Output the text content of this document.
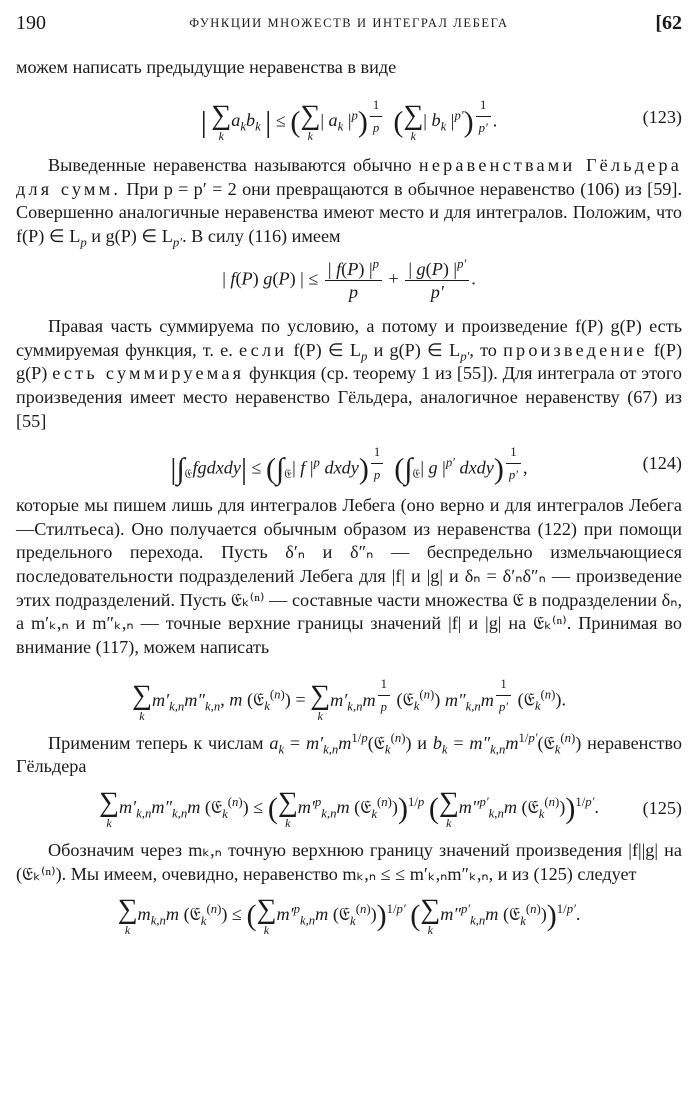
190	ФУНКЦИИ МНОЖЕСТВ И ИНТЕГРАЛ ЛЕБЕГА	[62

можем написать предыдущие неравенства в виде

| ∑
k
$a_kb_k$ | ≤ ( ∑
k
| $a_k$ $|^p$) $^{\frac{1}{p}}$ ( ∑
k
| $b_k$ $|^{p'}$) $^{\frac{1}{p'}}$ .	(123)

Выведенные неравенства называются обычно неравенствами Гёльдера для сумм. При p = p′ = 2 они превращаются в обычное неравенство (106) из [59]. Совершенно аналогичные неравенства имеют место и для интегралов. Положим, что f(P) ∈ $L_p$ и g(P) ∈ $L_{p'}$. В силу (116) имеем

| f(P) g(P) | ≤ $\frac{| f(P) |^p}{p} + \frac{| g(P) |^{p'}}{p'}$ .

Правая часть суммируема по условию, а потому и произведение f(P) g(P) есть суммируемая функция, т. е. если f(P) ∈ $L_p$ и g(P) ∈ $L_{p'}$, то произведение f(P) g(P) есть суммируемая функция (ср. теорему 1 из [55]). Для интеграла от этого произведения имеет место неравенство Гёльдера, аналогичное неравенству (67) из [55]

$|\int_𝔈fgdxdy| \le (\int_𝔈|$ f $|^p$ dxdy) $^{\frac{1}{p}}$ ($\int_𝔈|$ g $|^{p'}$ dxdy) $^{\frac{1}{p'}}$ ,	(124)

которые мы пишем лишь для интегралов Лебега (оно верно и для интегралов Лебега—Стилтьеса). Оно получается обычным образом из неравенства (122) при помощи предельного перехода. Пусть δ′ₙ и δ″ₙ — беспредельно измельчающиеся последовательности подразделений Лебега для |f| и |g| и δₙ = δ′ₙδ″ₙ — произведение этих подразделений. Пусть 𝔈ₖ⁽ⁿ⁾ — составные части множества 𝔈 в подразделении δₙ, а m′ₖ,ₙ и m″ₖ,ₙ — точные верхние границы значений |f| и |g| на 𝔈ₖ⁽ⁿ⁾. Принимая во внимание (117), можем написать

∑
k
$m'_{k,n}m''_{k,n}$, m (𝔈$_k^{(n)}$) = ∑
k
$m'_{k,n}m$ $^{\frac{1}{p}}$ (𝔈$_k^{(n)}$) $m''_{k,n}m$ $^{\frac{1}{p'}}$ (𝔈$_k^{(n)}$).

Применим теперь к числам $a_k$ = $m'_{k,n}m^{1/p}(𝔈_k^{(n)})$ и $b_k$ = $m''_{k,n}m^{1/p'}(𝔈_k^{(n)})$ неравенство Гёльдера

∑
k
$m'_{k,n}m''_{k,n}m$ (𝔈$_k^{(n)}$) ≤ ( ∑
k
$m'^p_{k,n}m$ (𝔈$_k^{(n)}$))$^{1/p}$ ( ∑
k
m″$^{p'}_{k,n}$m (𝔈$_k^{(n)}$))$^{1/p'}$. (125)

Обозначим через mₖ,ₙ точную верхнюю границу значений произведения |f||g| на (𝔈ₖ⁽ⁿ⁾). Мы имеем, очевидно, неравенство mₖ,ₙ ≤ ≤ m′ₖ,ₙm″ₖ,ₙ, и из (125) следует

∑
k
$m_{k,n}m$ (𝔈$_k^{(n)}$) ≤ ( ∑
k
$m'^p_{k,n}m$ (𝔈$_k^{(n)}$))$^{1/p'}$ ( ∑
k
m″$^{p'}_{k,n}$m (𝔈$_k^{(n)}$))$^{1/p'}$.
